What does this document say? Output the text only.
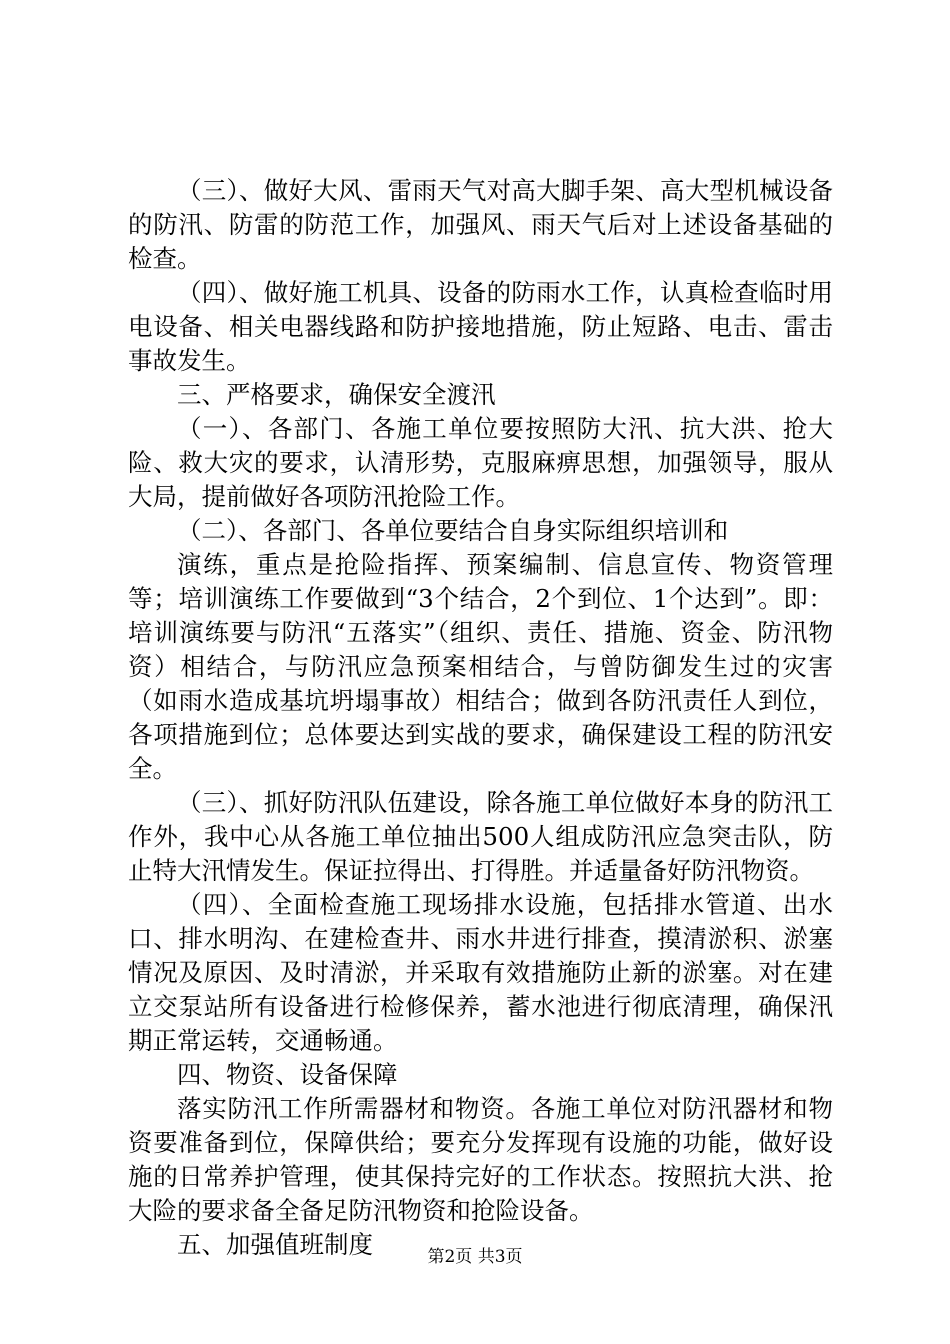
（三）、做好大风、雷雨天气对高大脚手架、高大型机械设备的防汛、防雷的防范工作，加强风、雨天气后对上述设备基础的检查。

（四）、做好施工机具、设备的防雨水工作，认真检查临时用电设备、相关电器线路和防护接地措施，防止短路、电击、雷击事故发生。

三、严格要求，确保安全渡汛

（一）、各部门、各施工单位要按照防大汛、抗大洪、抢大险、救大灾的要求，认清形势，克服麻痹思想，加强领导，服从大局，提前做好各项防汛抢险工作。

（二）、各部门、各单位要结合自身实际组织培训和

演练，重点是抢险指挥、预案编制、信息宣传、物资管理等；培训演练工作要做到“3个结合，2个到位、1个达到”。即：培训演练要与防汛“五落实”（组织、责任、措施、资金、防汛物资）相结合，与防汛应急预案相结合，与曾防御发生过的灾害（如雨水造成基坑坍塌事故）相结合；做到各防汛责任人到位，各项措施到位；总体要达到实战的要求，确保建设工程的防汛安全。

（三）、抓好防汛队伍建设，除各施工单位做好本身的防汛工作外，我中心从各施工单位抽出500人组成防汛应急突击队，防止特大汛情发生。保证拉得出、打得胜。并适量备好防汛物资。

（四）、全面检查施工现场排水设施，包括排水管道、出水口、排水明沟、在建检查井、雨水井进行排查，摸清淤积、淤塞情况及原因、及时清淤，并采取有效措施防止新的淤塞。对在建立交泵站所有设备进行检修保养，蓄水池进行彻底清理，确保汛期正常运转，交通畅通。

四、物资、设备保障

落实防汛工作所需器材和物资。各施工单位对防汛器材和物资要准备到位，保障供给；要充分发挥现有设施的功能，做好设施的日常养护管理，使其保持完好的工作状态。按照抗大洪、抢大险的要求备全备足防汛物资和抢险设备。

五、加强值班制度	第2页 共3页
